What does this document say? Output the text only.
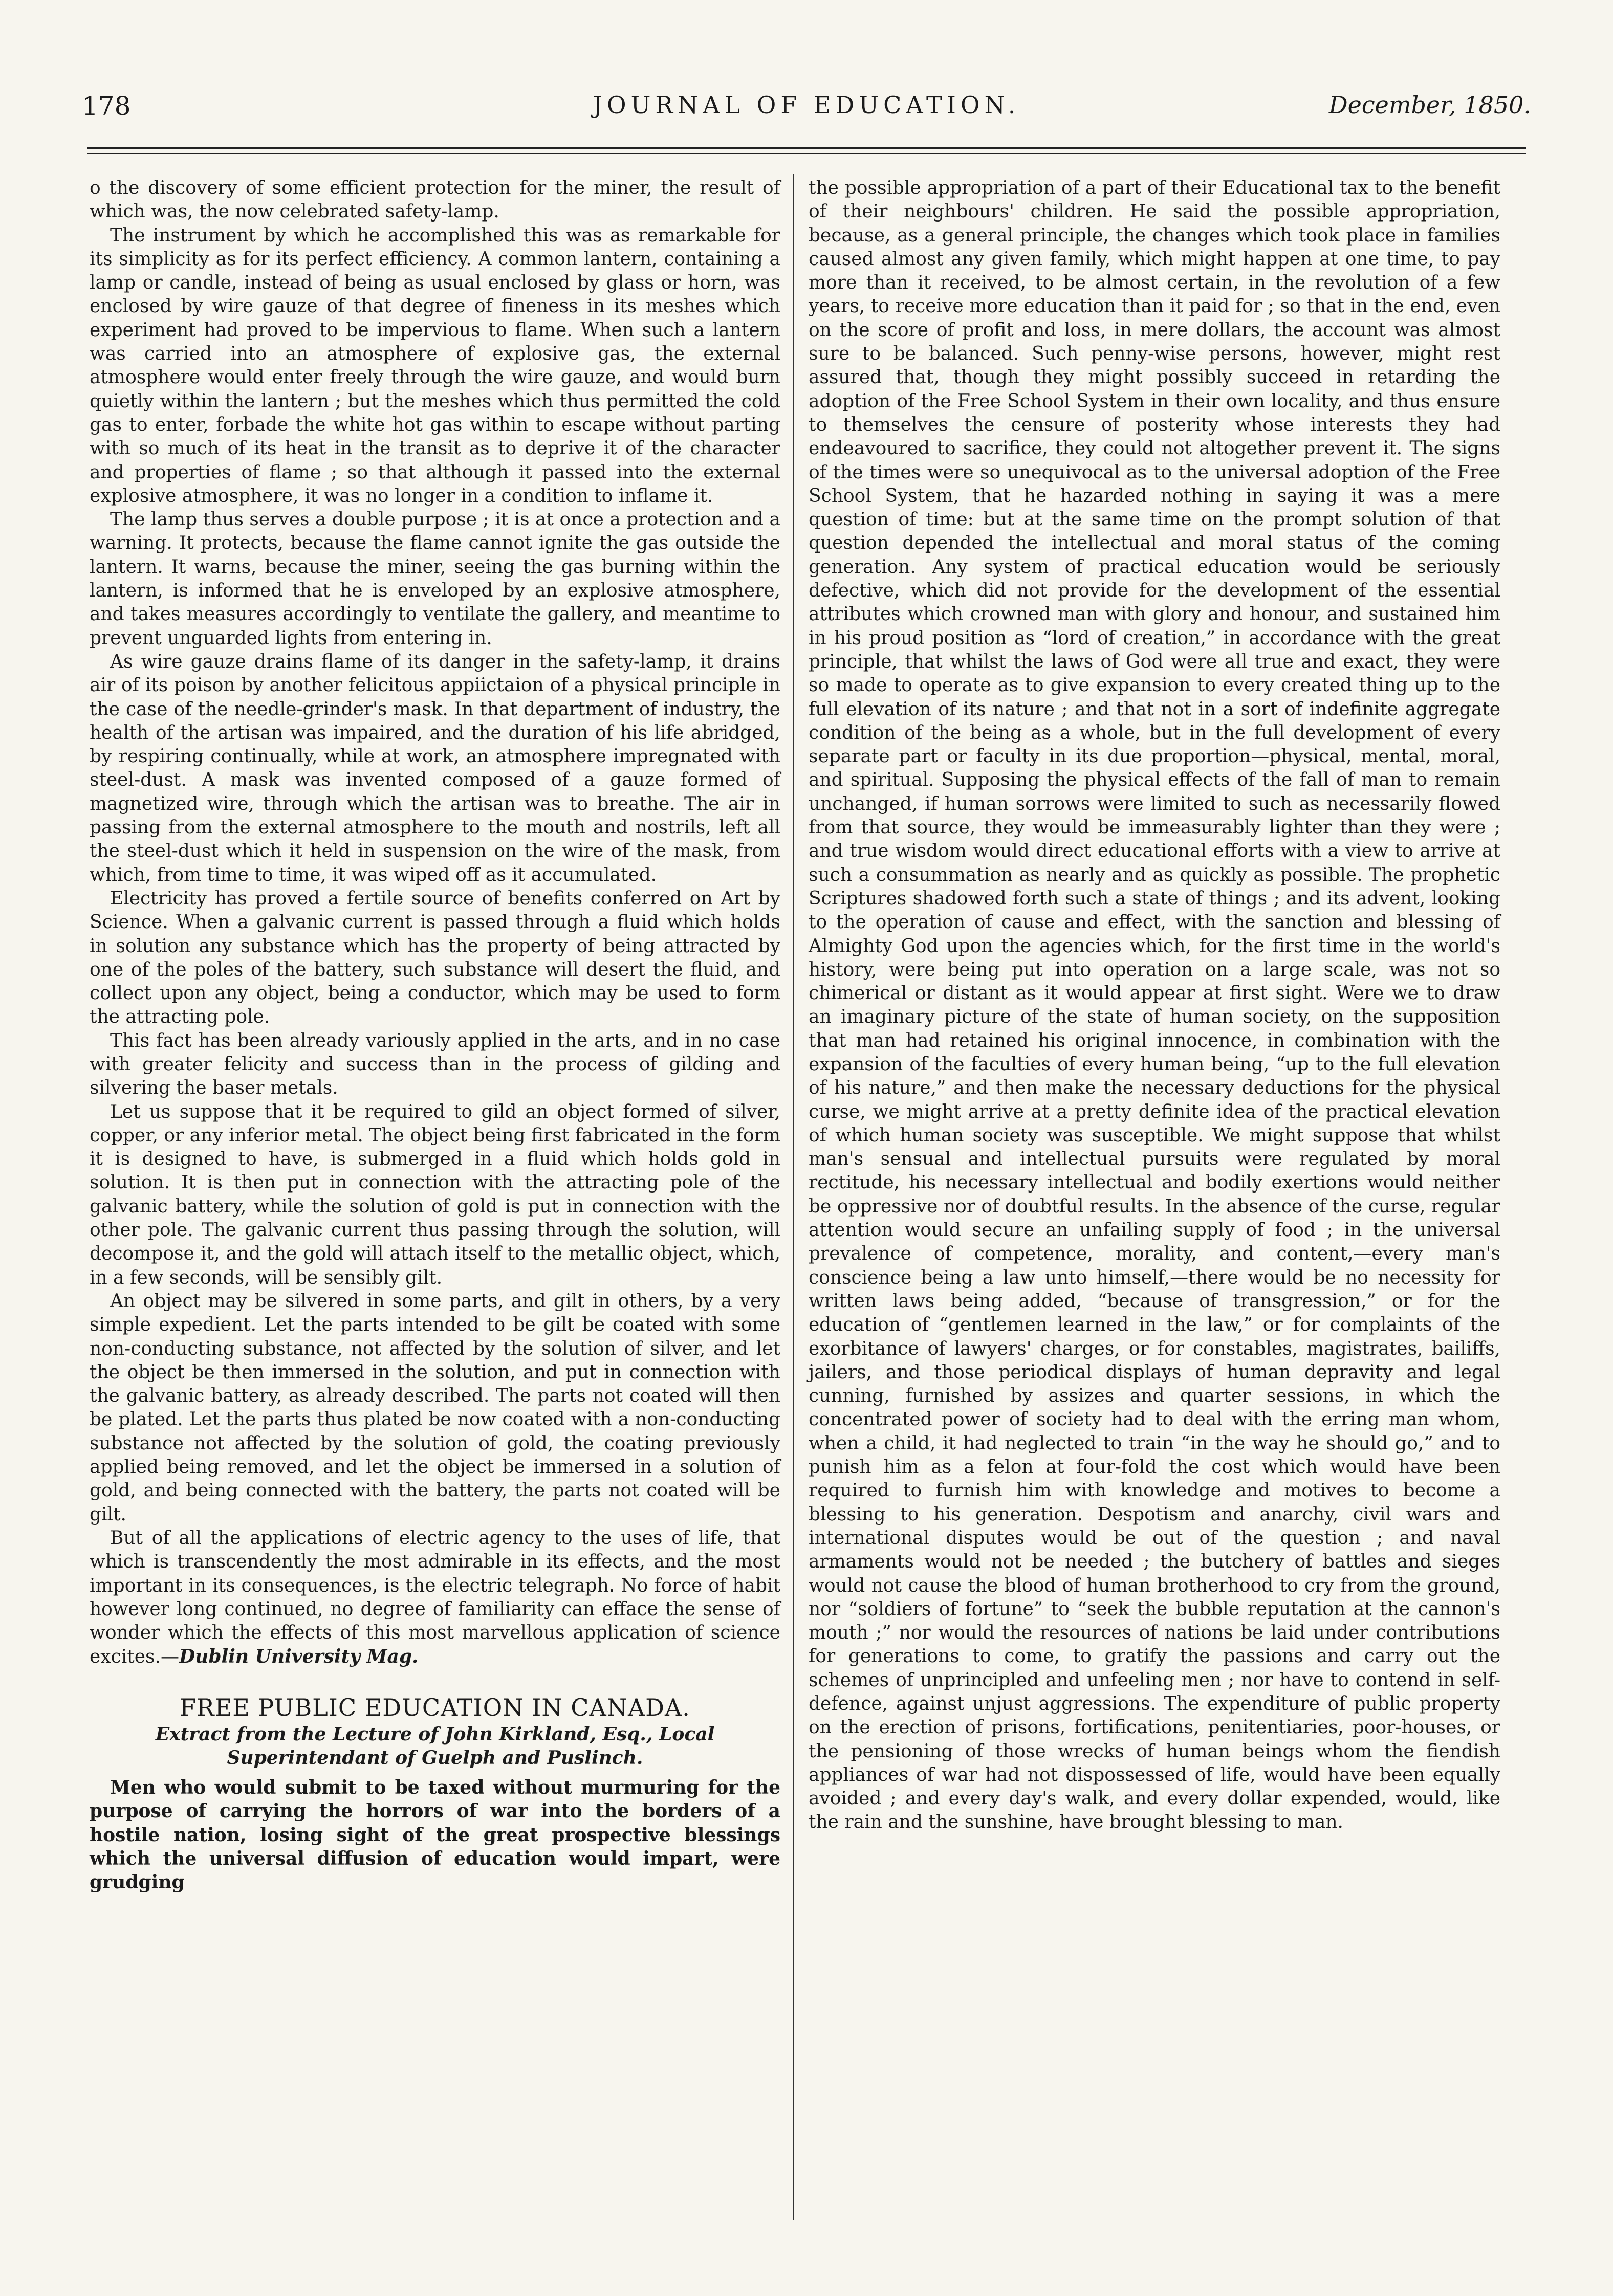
178	JOURNAL OF EDUCATION.	December, 1850.

o the discovery of some efficient protection for the miner, the result of which was, the now celebrated safety-lamp.

The instrument by which he accomplished this was as remarkable for its simplicity as for its perfect efficiency. A common lantern, containing a lamp or candle, instead of being as usual enclosed by glass or horn, was enclosed by wire gauze of that degree of fineness in its meshes which experiment had proved to be impervious to flame. When such a lantern was carried into an atmosphere of explosive gas, the external atmosphere would enter freely through the wire gauze, and would burn quietly within the lantern ; but the meshes which thus permitted the cold gas to enter, forbade the white hot gas within to escape without parting with so much of its heat in the transit as to deprive it of the character and properties of flame ; so that although it passed into the external explosive atmosphere, it was no longer in a condition to inflame it.

The lamp thus serves a double purpose ; it is at once a protection and a warning. It protects, because the flame cannot ignite the gas outside the lantern. It warns, because the miner, seeing the gas burning within the lantern, is informed that he is enveloped by an explosive atmosphere, and takes measures accordingly to ventilate the gallery, and meantime to prevent unguarded lights from entering in.

As wire gauze drains flame of its danger in the safety-lamp, it drains air of its poison by another felicitous appiictaion of a physical principle in the case of the needle-grinder's mask. In that department of industry, the health of the artisan was impaired, and the duration of his life abridged, by respiring continually, while at work, an atmosphere impregnated with steel-dust. A mask was invented composed of a gauze formed of magnetized wire, through which the artisan was to breathe. The air in passing from the external atmosphere to the mouth and nostrils, left all the steel-dust which it held in suspension on the wire of the mask, from which, from time to time, it was wiped off as it accumulated.

Electricity has proved a fertile source of benefits conferred on Art by Science. When a galvanic current is passed through a fluid which holds in solution any substance which has the property of being attracted by one of the poles of the battery, such substance will desert the fluid, and collect upon any object, being a conductor, which may be used to form the attracting pole.

This fact has been already variously applied in the arts, and in no case with greater felicity and success than in the process of gilding and silvering the baser metals.

Let us suppose that it be required to gild an object formed of silver, copper, or any inferior metal. The object being first fabricated in the form it is designed to have, is submerged in a fluid which holds gold in solution. It is then put in connection with the attracting pole of the galvanic battery, while the solution of gold is put in connection with the other pole. The galvanic current thus passing through the solution, will decompose it, and the gold will attach itself to the metallic object, which, in a few seconds, will be sensibly gilt.

An object may be silvered in some parts, and gilt in others, by a very simple expedient. Let the parts intended to be gilt be coated with some non-conducting substance, not affected by the solution of silver, and let the object be then immersed in the solution, and put in connection with the galvanic battery, as already described. The parts not coated will then be plated. Let the parts thus plated be now coated with a non-conducting substance not affected by the solution of gold, the coating previously applied being removed, and let the object be immersed in a solution of gold, and being connected with the battery, the parts not coated will be gilt.

But of all the applications of electric agency to the uses of life, that which is transcendently the most admirable in its effects, and the most important in its consequences, is the electric telegraph. No force of habit however long continued, no degree of familiarity can efface the sense of wonder which the effects of this most marvellous application of science excites.—Dublin University Mag.

FREE PUBLIC EDUCATION IN CANADA.
Extract from the Lecture of John Kirkland, Esq., Local Superintendant of Guelph and Puslinch.

Men who would submit to be taxed without murmuring for the purpose of carrying the horrors of war into the borders of a hostile nation, losing sight of the great prospective blessings which the universal diffusion of education would impart, were grudging

the possible appropriation of a part of their Educational tax to the benefit of their neighbours' children. He said the possible appropriation, because, as a general principle, the changes which took place in families caused almost any given family, which might happen at one time, to pay more than it received, to be almost certain, in the revolution of a few years, to receive more education than it paid for ; so that in the end, even on the score of profit and loss, in mere dollars, the account was almost sure to be balanced. Such penny-wise persons, however, might rest assured that, though they might possibly succeed in retarding the adoption of the Free School System in their own locality, and thus ensure to themselves the censure of posterity whose interests they had endeavoured to sacrifice, they could not altogether prevent it. The signs of the times were so unequivocal as to the universal adoption of the Free School System, that he hazarded nothing in saying it was a mere question of time: but at the same time on the prompt solution of that question depended the intellectual and moral status of the coming generation. Any system of practical education would be seriously defective, which did not provide for the development of the essential attributes which crowned man with glory and honour, and sustained him in his proud position as “lord of creation,” in accordance with the great principle, that whilst the laws of God were all true and exact, they were so made to operate as to give expansion to every created thing up to the full elevation of its nature ; and that not in a sort of indefinite aggregate condition of the being as a whole, but in the full development of every separate part or faculty in its due proportion—physical, mental, moral, and spiritual. Supposing the physical effects of the fall of man to remain unchanged, if human sorrows were limited to such as necessarily flowed from that source, they would be immeasurably lighter than they were ; and true wisdom would direct educational efforts with a view to arrive at such a consummation as nearly and as quickly as possible. The prophetic Scriptures shadowed forth such a state of things ; and its advent, looking to the operation of cause and effect, with the sanction and blessing of Almighty God upon the agencies which, for the first time in the world's history, were being put into operation on a large scale, was not so chimerical or distant as it would appear at first sight. Were we to draw an imaginary picture of the state of human society, on the supposition that man had retained his original innocence, in combination with the expansion of the faculties of every human being, “up to the full elevation of his nature,” and then make the necessary deductions for the physical curse, we might arrive at a pretty definite idea of the practical elevation of which human society was susceptible. We might suppose that whilst man's sensual and intellectual pursuits were regulated by moral rectitude, his necessary intellectual and bodily exertions would neither be oppressive nor of doubtful results. In the absence of the curse, regular attention would secure an unfailing supply of food ; in the universal prevalence of competence, morality, and content,—every man's conscience being a law unto himself,—there would be no necessity for written laws being added, “because of transgression,” or for the education of “gentlemen learned in the law,” or for complaints of the exorbitance of lawyers' charges, or for constables, magistrates, bailiffs, jailers, and those periodical displays of human depravity and legal cunning, furnished by assizes and quarter sessions, in which the concentrated power of society had to deal with the erring man whom, when a child, it had neglected to train “in the way he should go,” and to punish him as a felon at four-fold the cost which would have been required to furnish him with knowledge and motives to become a blessing to his generation. Despotism and anarchy, civil wars and international disputes would be out of the question ; and naval armaments would not be needed ; the butchery of battles and sieges would not cause the blood of human brotherhood to cry from the ground, nor “soldiers of fortune” to “seek the bubble reputation at the cannon's mouth ;” nor would the resources of nations be laid under contributions for generations to come, to gratify the passions and carry out the schemes of unprincipled and unfeeling men ; nor have to contend in self-defence, against unjust aggressions. The expenditure of public property on the erection of prisons, fortifications, penitentiaries, poor-houses, or the pensioning of those wrecks of human beings whom the fiendish appliances of war had not dispossessed of life, would have been equally avoided ; and every day's walk, and every dollar expended, would, like the rain and the sunshine, have brought blessing to man.
